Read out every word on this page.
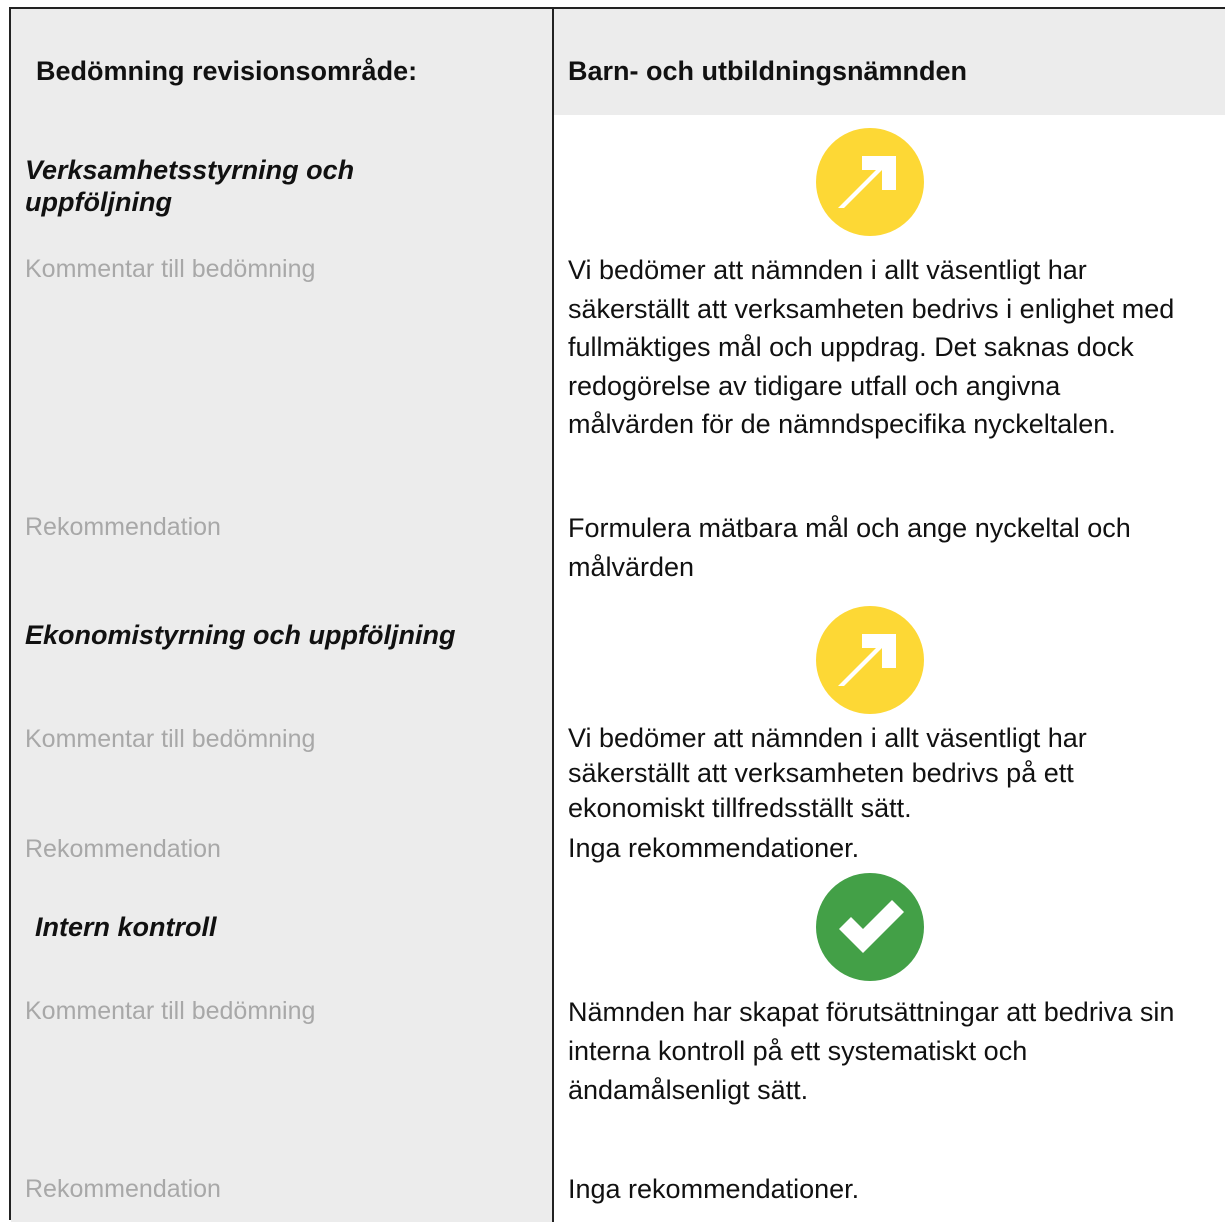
Bedömning revisionsområde:	Barn- och utbildningsnämnden
Verksamhetsstyrning och
uppföljning
Kommentar till bedömning	Vi bedömer att nämnden i allt väsentligt har
säkerställt att verksamheten bedrivs i enlighet med
fullmäktiges mål och uppdrag. Det saknas dock
redogörelse av tidigare utfall och angivna
målvärden för de nämndspecifika nyckeltalen.
Rekommendation	Formulera mätbara mål och ange nyckeltal och
målvärden
Ekonomistyrning och uppföljning
Kommentar till bedömning	Vi bedömer att nämnden i allt väsentligt har
säkerställt att verksamheten bedrivs på ett
ekonomiskt tillfredsställt sätt.
Rekommendation	Inga rekommendationer.
Intern kontroll
Kommentar till bedömning	Nämnden har skapat förutsättningar att bedriva sin
interna kontroll på ett systematiskt och
ändamålsenligt sätt.
Rekommendation	Inga rekommendationer.
